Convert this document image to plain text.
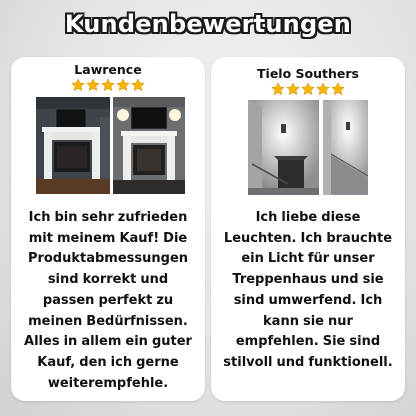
Kundenbewertungen
Lawrence
Ich bin sehr zufrieden mit meinem Kauf! Die Produktabmessungen sind korrekt und passen perfekt zu meinen Bedürfnissen. Alles in allem ein guter Kauf, den ich gerne weiterempfehle.
Tielo Southers
Ich liebe diese Leuchten. Ich brauchte ein Licht für unser Treppenhaus und sie sind umwerfend. Ich kann sie nur empfehlen. Sie sind stilvoll und funktionell.
